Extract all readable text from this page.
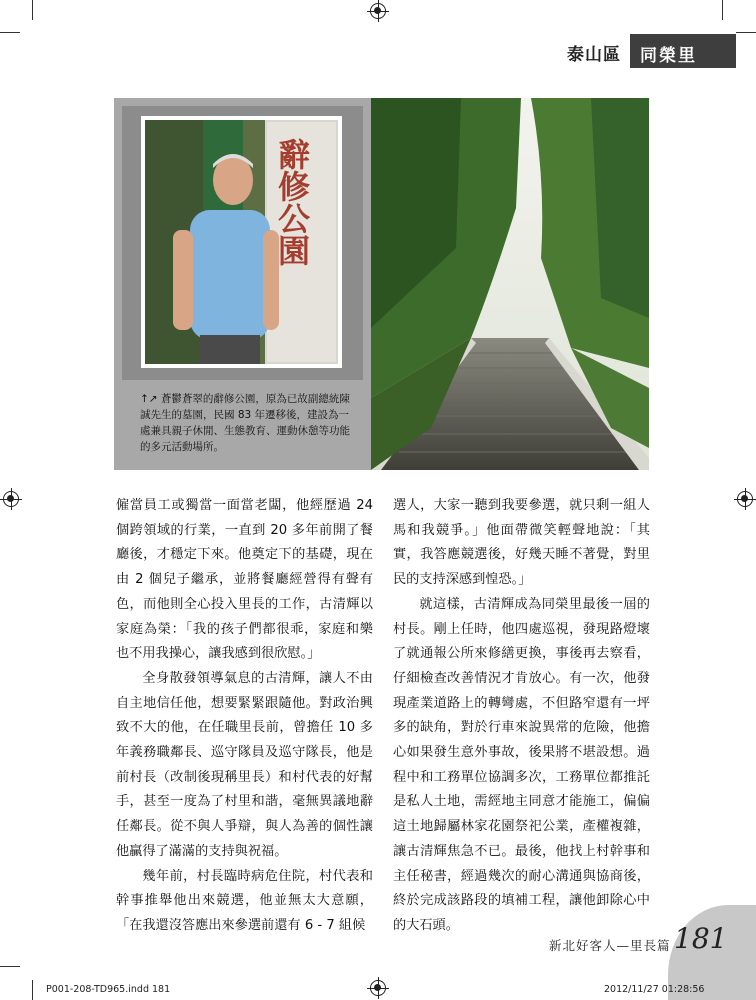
泰山區	同榮里
辭修公園
↑↗ 蒼鬱蒼翠的辭修公園，原為已故副總統陳誠先生的墓園，民國 83 年遷移後，建設為一處兼具親子休閒、生態教育、運動休憩等功能的多元活動場所。

僱當員工或獨當一面當老闆，他經歷過 24 個跨領域的行業，一直到 20 多年前開了餐廳後，才穩定下來。他奠定下的基礎，現在由 2 個兒子繼承，並將餐廳經營得有聲有色，而他則全心投入里長的工作，古清輝以家庭為榮：「我的孩子們都很乖，家庭和樂也不用我操心，讓我感到很欣慰。」

全身散發領導氣息的古清輝，讓人不由自主地信任他，想要緊緊跟隨他。對政治興致不大的他，在任職里長前，曾擔任 10 多年義務職鄰長、巡守隊員及巡守隊長，他是前村長（改制後現稱里長）和村代表的好幫手，甚至一度為了村里和諧，毫無異議地辭任鄰長。從不與人爭辯，與人為善的個性讓他贏得了滿滿的支持與祝福。

幾年前，村長臨時病危住院，村代表和幹事推舉他出來競選，他並無太大意願，「在我還沒答應出來參選前還有 6 - 7 組候

選人，大家一聽到我要參選，就只剩一組人馬和我競爭。」他面帶微笑輕聲地說：「其實，我答應競選後，好幾天睡不著覺，對里民的支持深感到惶恐。」

就這樣，古清輝成為同榮里最後一屆的村長。剛上任時，他四處巡視，發現路燈壞了就通報公所來修繕更換，事後再去察看，仔細檢查改善情況才肯放心。有一次，他發現產業道路上的轉彎處，不但路窄還有一坪多的缺角，對於行車來說異常的危險，他擔心如果發生意外事故，後果將不堪設想。過程中和工務單位協調多次，工務單位都推託是私人土地，需經地主同意才能施工，偏偏這土地歸屬林家花園祭祀公業，產權複雜，讓古清輝焦急不已。最後，他找上村幹事和主任秘書，經過幾次的耐心溝通與協商後，終於完成該路段的填補工程，讓他卸除心中的大石頭。

新北好客人—里長篇 181
P001-208-TD965.indd 181	2012/11/27 01:28:56
